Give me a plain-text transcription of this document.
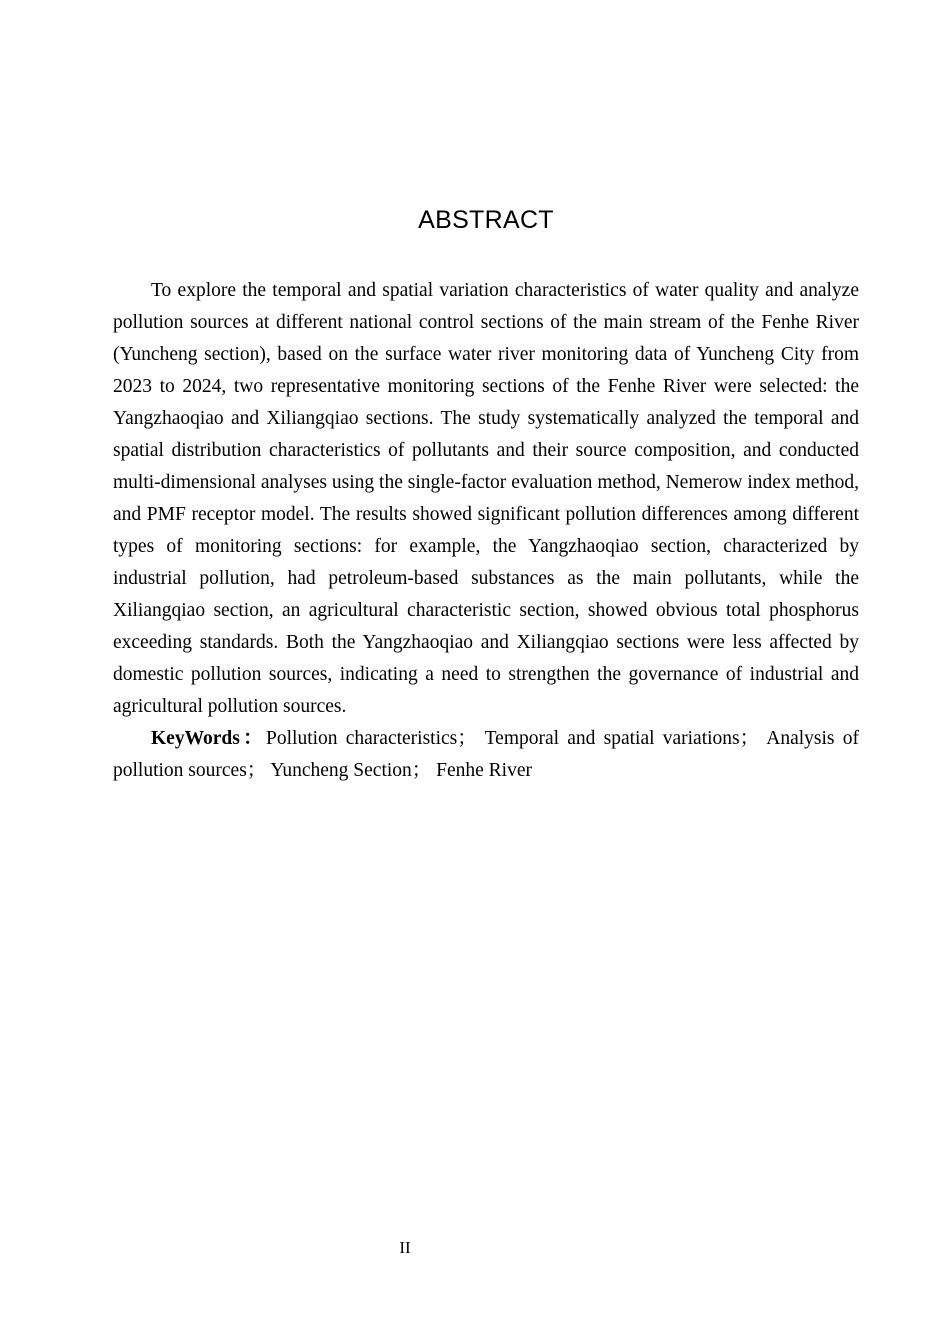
ABSTRACT

To explore the temporal and spatial variation characteristics of water quality and analyze pollution sources at different national control sections of the main stream of the Fenhe River (Yuncheng section), based on the surface water river monitoring data of Yuncheng City from 2023 to 2024, two representative monitoring sections of the Fenhe River were selected: the Yangzhaoqiao and Xiliangqiao sections. The study systematically analyzed the temporal and spatial distribution characteristics of pollutants and their source composition, and conducted multi-dimensional analyses using the single-factor evaluation method, Nemerow index method, and PMF receptor model. The results showed significant pollution differences among different types of monitoring sections: for example, the Yangzhaoqiao section, characterized by industrial pollution, had petroleum-based substances as the main pollutants, while the Xiliangqiao section, an agricultural characteristic section, showed obvious total phosphorus exceeding standards. Both the Yangzhaoqiao and Xiliangqiao sections were less affected by domestic pollution sources, indicating a need to strengthen the governance of industrial and agricultural pollution sources.

KeyWords：Pollution characteristics； Temporal and spatial variations； Analysis of pollution sources； Yuncheng Section； Fenhe River

II
